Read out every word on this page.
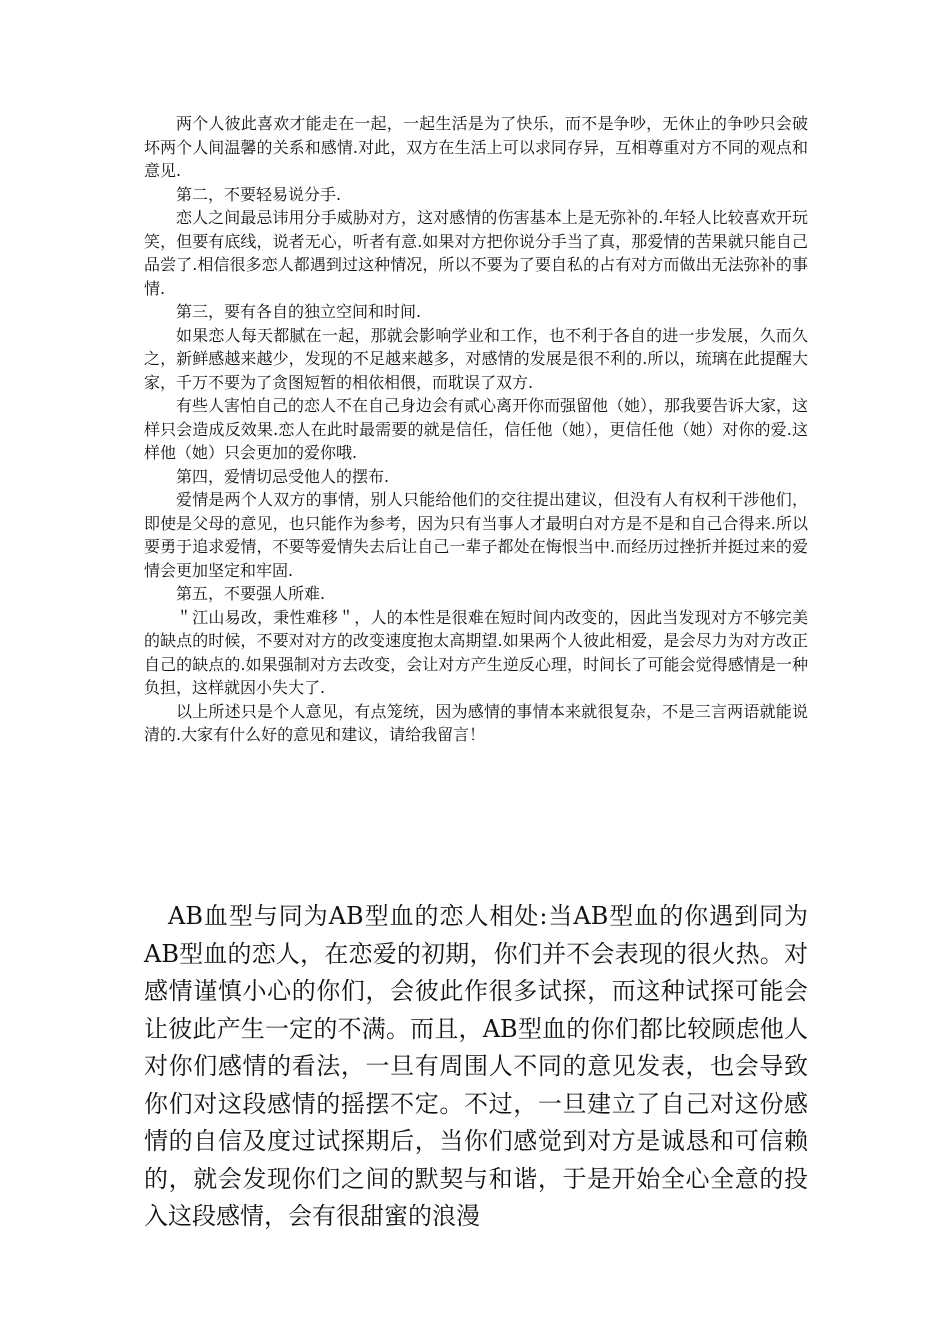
两个人彼此喜欢才能走在一起，一起生活是为了快乐，而不是争吵，无休止的争吵只会破坏两个人间温馨的关系和感情.对此，双方在生活上可以求同存异，互相尊重对方不同的观点和意见.

第二，不要轻易说分手.

恋人之间最忌讳用分手威胁对方，这对感情的伤害基本上是无弥补的.年轻人比较喜欢开玩笑，但要有底线，说者无心，听者有意.如果对方把你说分手当了真，那爱情的苦果就只能自己品尝了.相信很多恋人都遇到过这种情况，所以不要为了要自私的占有对方而做出无法弥补的事情.

第三，要有各自的独立空间和时间.

如果恋人每天都腻在一起，那就会影响学业和工作，也不利于各自的进一步发展，久而久之，新鲜感越来越少，发现的不足越来越多，对感情的发展是很不利的.所以，琉璃在此提醒大家，千万不要为了贪图短暂的相依相偎，而耽误了双方.

有些人害怕自己的恋人不在自己身边会有贰心离开你而强留他（她），那我要告诉大家，这样只会造成反效果.恋人在此时最需要的就是信任，信任他（她），更信任他（她）对你的爱.这样他（她）只会更加的爱你哦.

第四，爱情切忌受他人的摆布.

爱情是两个人双方的事情，别人只能给他们的交往提出建议，但没有人有权利干涉他们，即使是父母的意见，也只能作为参考，因为只有当事人才最明白对方是不是和自己合得来.所以要勇于追求爱情，不要等爱情失去后让自己一辈子都处在悔恨当中.而经历过挫折并挺过来的爱情会更加坚定和牢固.

第五，不要强人所难.

＂江山易改，秉性难移＂，人的本性是很难在短时间内改变的，因此当发现对方不够完美的缺点的时候，不要对对方的改变速度抱太高期望.如果两个人彼此相爱，是会尽力为对方改正自己的缺点的.如果强制对方去改变，会让对方产生逆反心理，时间长了可能会觉得感情是一种负担，这样就因小失大了.

以上所述只是个人意见，有点笼统，因为感情的事情本来就很复杂，不是三言两语就能说清的.大家有什么好的意见和建议，请给我留言！

AB血型与同为AB型血的恋人相处:当AB型血的你遇到同为AB型血的恋人，在恋爱的初期，你们并不会表现的很火热。对感情谨慎小心的你们，会彼此作很多试探，而这种试探可能会让彼此产生一定的不满。而且，AB型血的你们都比较顾虑他人对你们感情的看法，一旦有周围人不同的意见发表，也会导致你们对这段感情的摇摆不定。不过，一旦建立了自己对这份感情的自信及度过试探期后，当你们感觉到对方是诚恳和可信赖的，就会发现你们之间的默契与和谐，于是开始全心全意的投入这段感情，会有很甜蜜的浪漫
